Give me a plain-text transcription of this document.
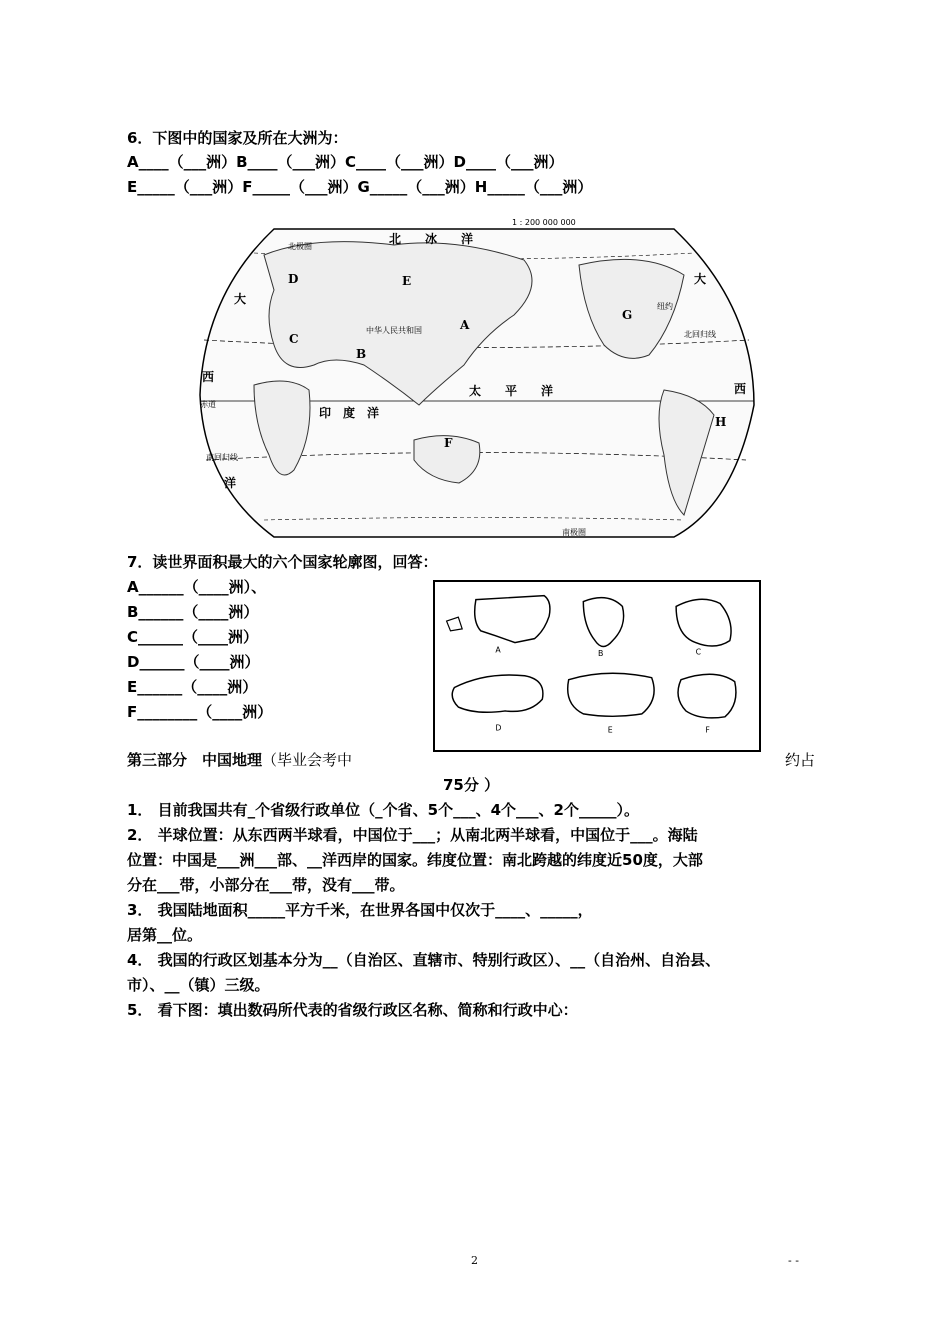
6．下图中的国家及所在大洲为：
A____（___洲）B____（___洲）C____（___洲）D____（___洲）
E_____（___洲）F_____（___洲）G_____（___洲）H_____（___洲）
1 : 200 000 000
北　　冰　　洋
北极圈
大
西
洋
大
西
太　　平　　洋
印　度　洋
赤道
北回归线
南回归线
南极圈
中华人民共和国
纽约
A
B
C
D	E
F
G
H
7．读世界面积最大的六个国家轮廓图，回答：
A______（____洲）、
B______（____洲）
C______（____洲）
D______（____洲）
E______（____洲）
F________（____洲）
A	B	C
D	E	F
第三部分　中国地理（毕业会考中	约占
75分 ）
1． 目前我国共有_个省级行政单位（_个省、5个___、4个___、2个_____）。
2． 半球位置：从东西两半球看，中国位于___；从南北两半球看，中国位于___。海陆
位置：中国是___洲___部、__洋西岸的国家。纬度位置：南北跨越的纬度近50度，大部
分在___带，小部分在___带，没有___带。
3． 我国陆地面积_____平方千米，在世界各国中仅次于____、_____，
居第__位。
4． 我国的行政区划基本分为__（自治区、直辖市、特别行政区）、__（自治州、自治县、
市）、__（镇）三级。
5． 看下图：填出数码所代表的省级行政区名称、简称和行政中心：
2	- -
